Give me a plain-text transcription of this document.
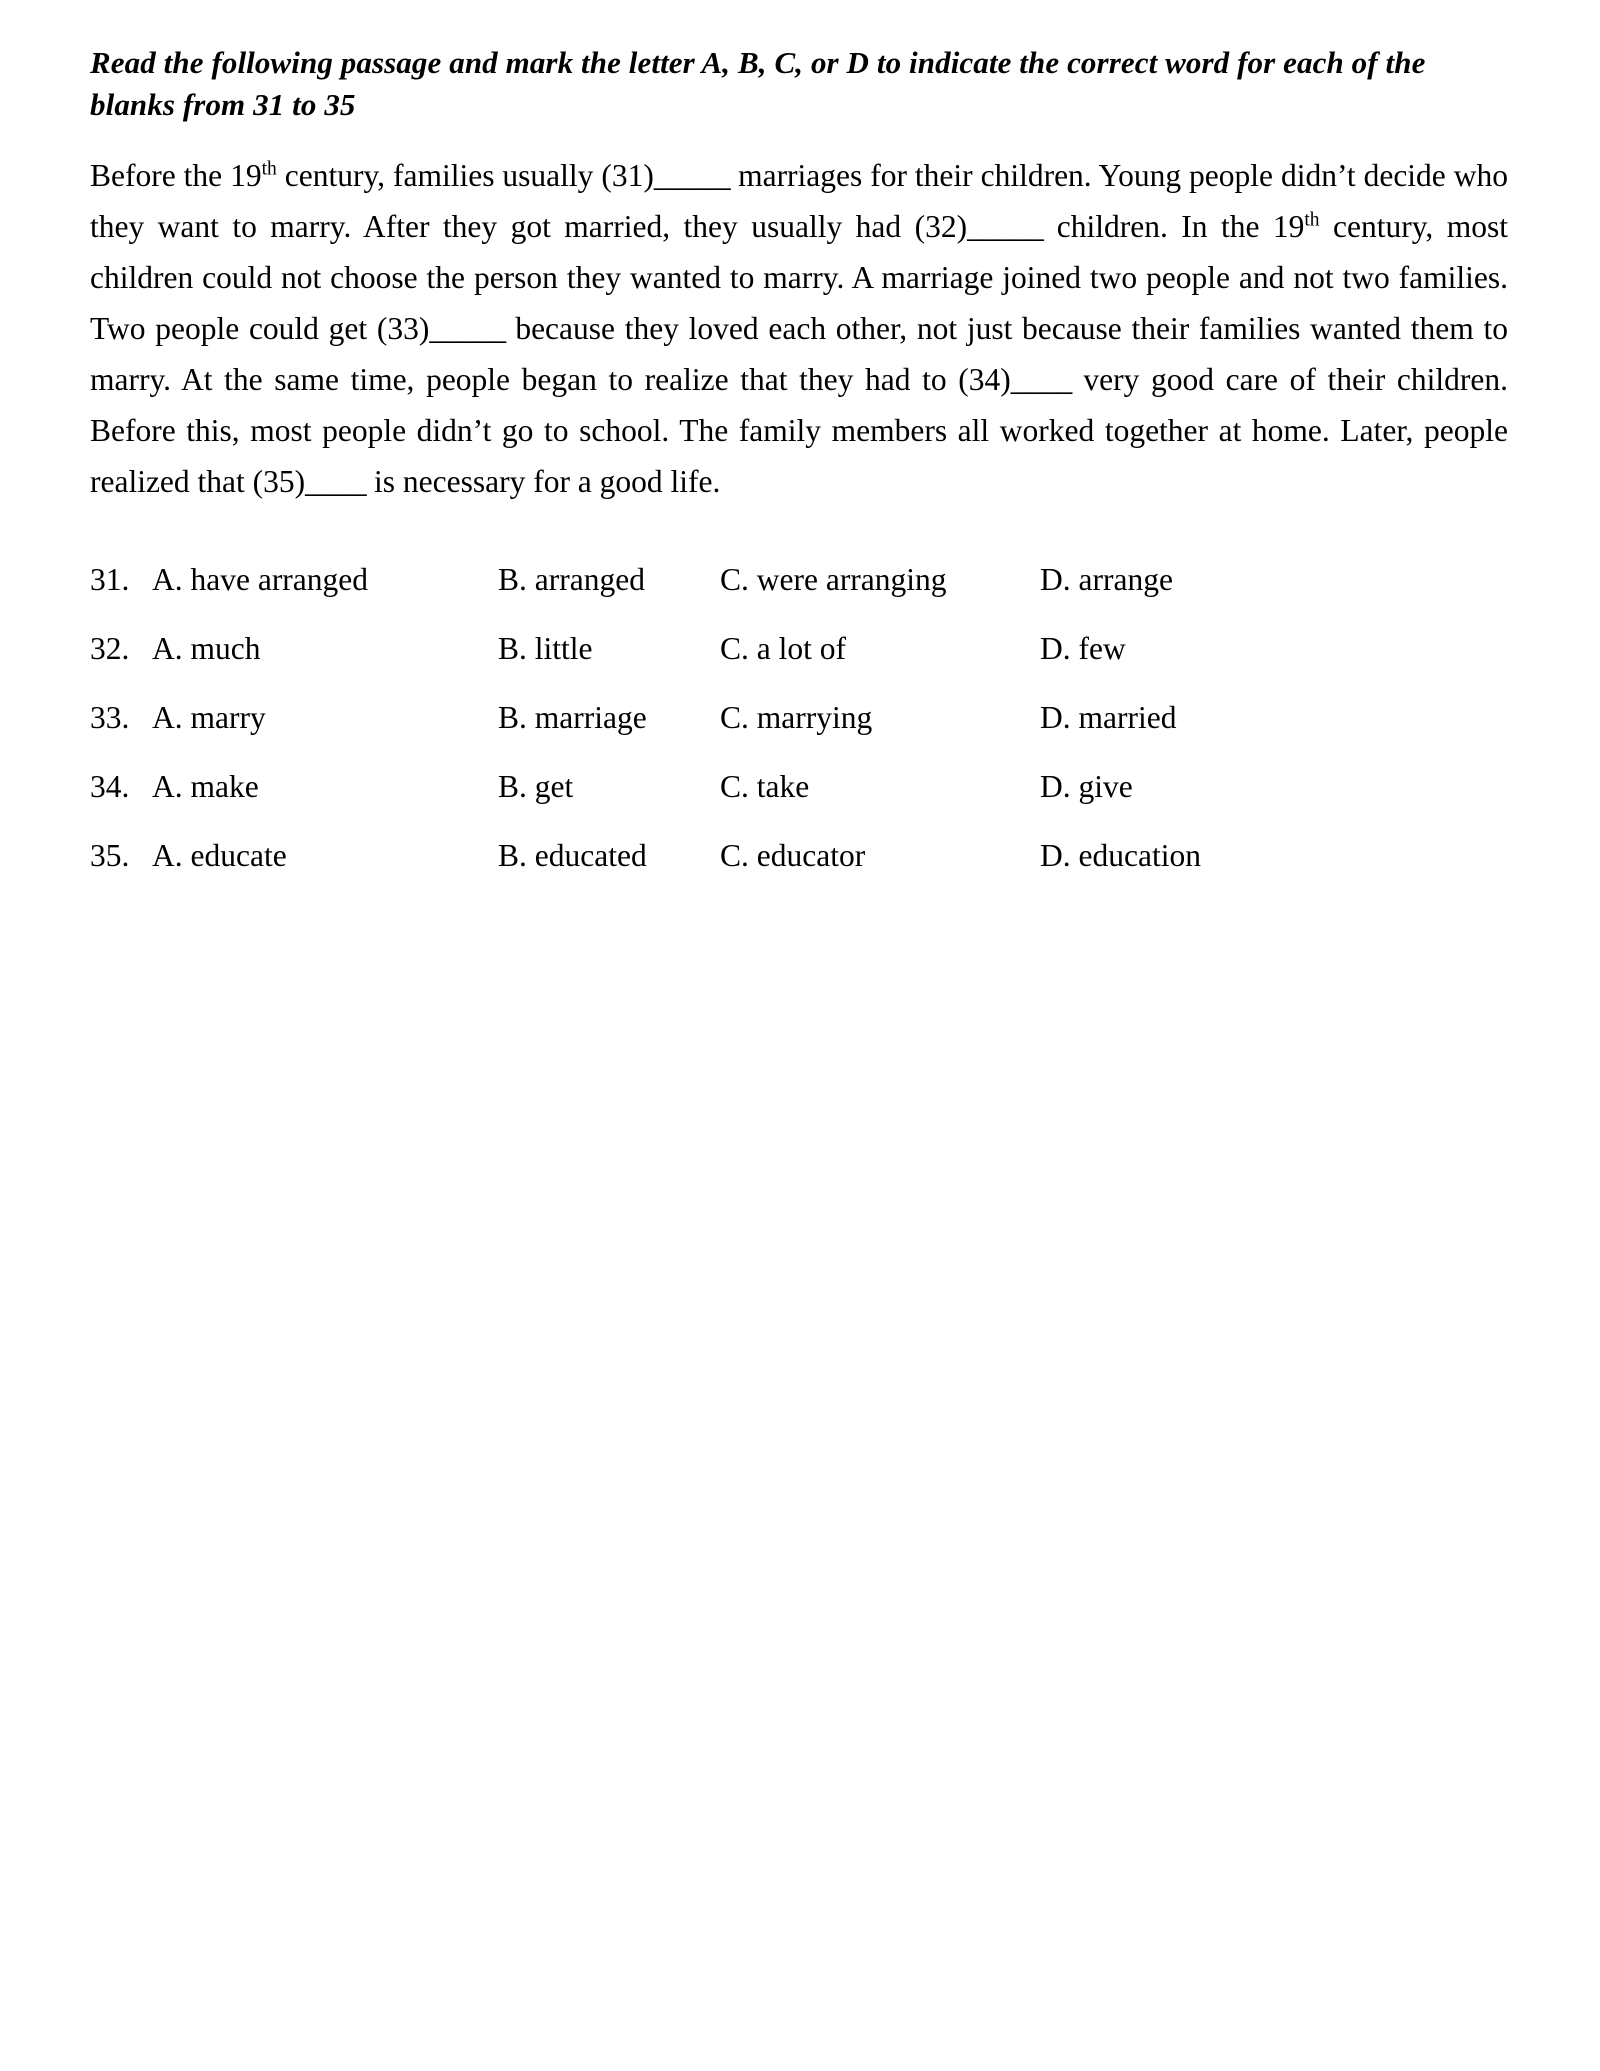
Read the following passage and mark the letter A, B, C, or D to indicate the correct word for each of the blanks from 31 to 35

Before the 19th century, families usually (31)_____ marriages for their children. Young people didn’t decide who they want to marry. After they got married, they usually had (32)_____ children. In the 19th century, most children could not choose the person they wanted to marry. A marriage joined two people and not two families. Two people could get (33)_____ because they loved each other, not just because their families wanted them to marry. At the same time, people began to realize that they had to (34)____ very good care of their children. Before this, most people didn’t go to school. The family members all worked together at home. Later, people realized that (35)____ is necessary for a good life.

31. A. have arranged	B. arranged C. were arranging	D. arrange
32. A. much	B. little	C. a lot of	D. few
33. A. marry	B. marriage C. marrying	D. married
34. A. make	B. get	C. take	D. give
35. A. educate	B. educated C. educator	D. education
